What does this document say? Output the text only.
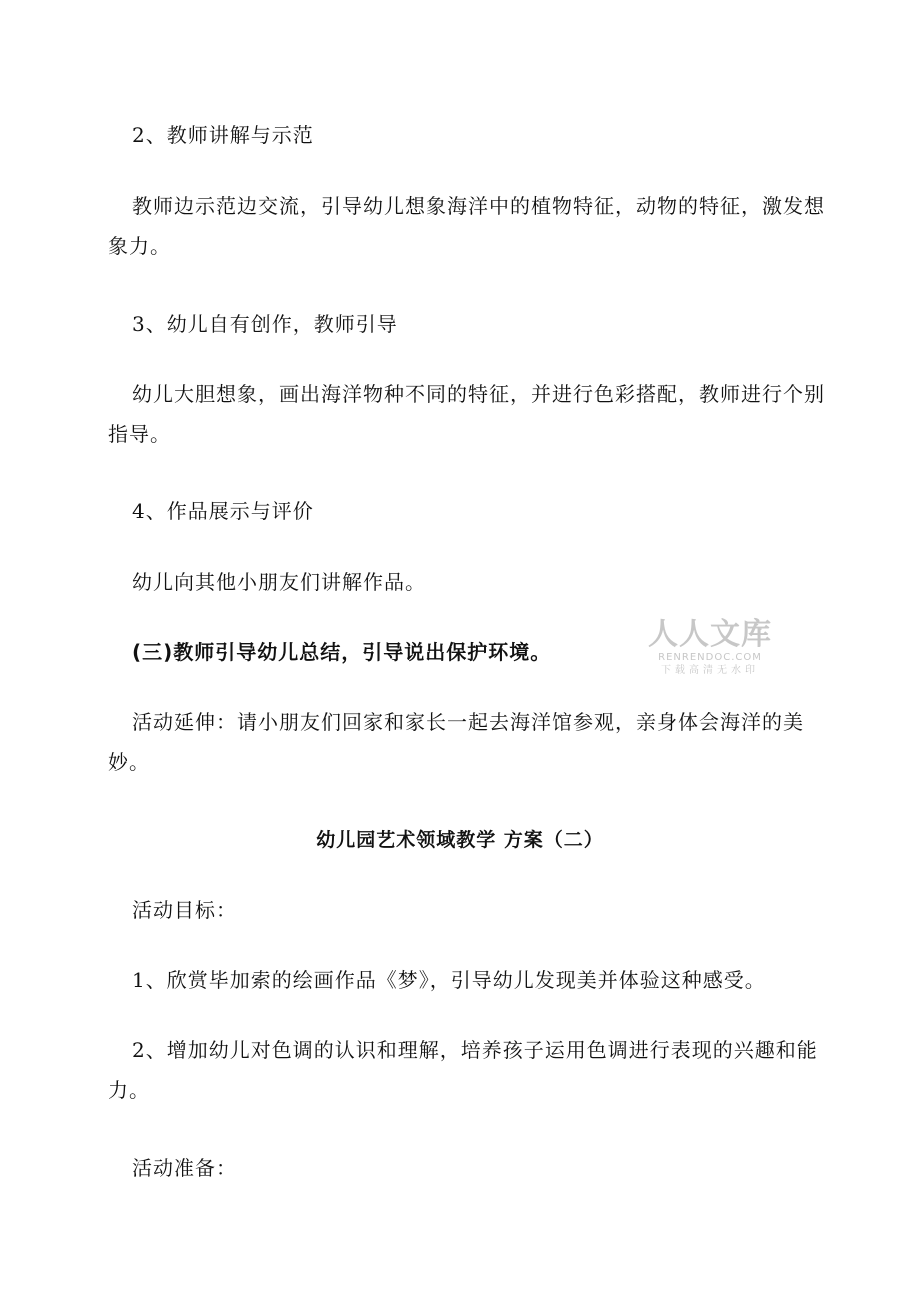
2、教师讲解与示范

教师边示范边交流，引导幼儿想象海洋中的植物特征，动物的特征，激发想象力。

3、幼儿自有创作，教师引导

幼儿大胆想象，画出海洋物种不同的特征，并进行色彩搭配，教师进行个别指导。

4、作品展示与评价

幼儿向其他小朋友们讲解作品。

(三)教师引导幼儿总结，引导说出保护环境。

活动延伸：请小朋友们回家和家长一起去海洋馆参观，亲身体会海洋的美妙。

幼儿园艺术领域教学 方案（二）

活动目标：

1、欣赏毕加索的绘画作品《梦》，引导幼儿发现美并体验这种感受。

2、增加幼儿对色调的认识和理解，培养孩子运用色调进行表现的兴趣和能力。

活动准备：

人人文库
RENRENDOC.COM
下载高清无水印
